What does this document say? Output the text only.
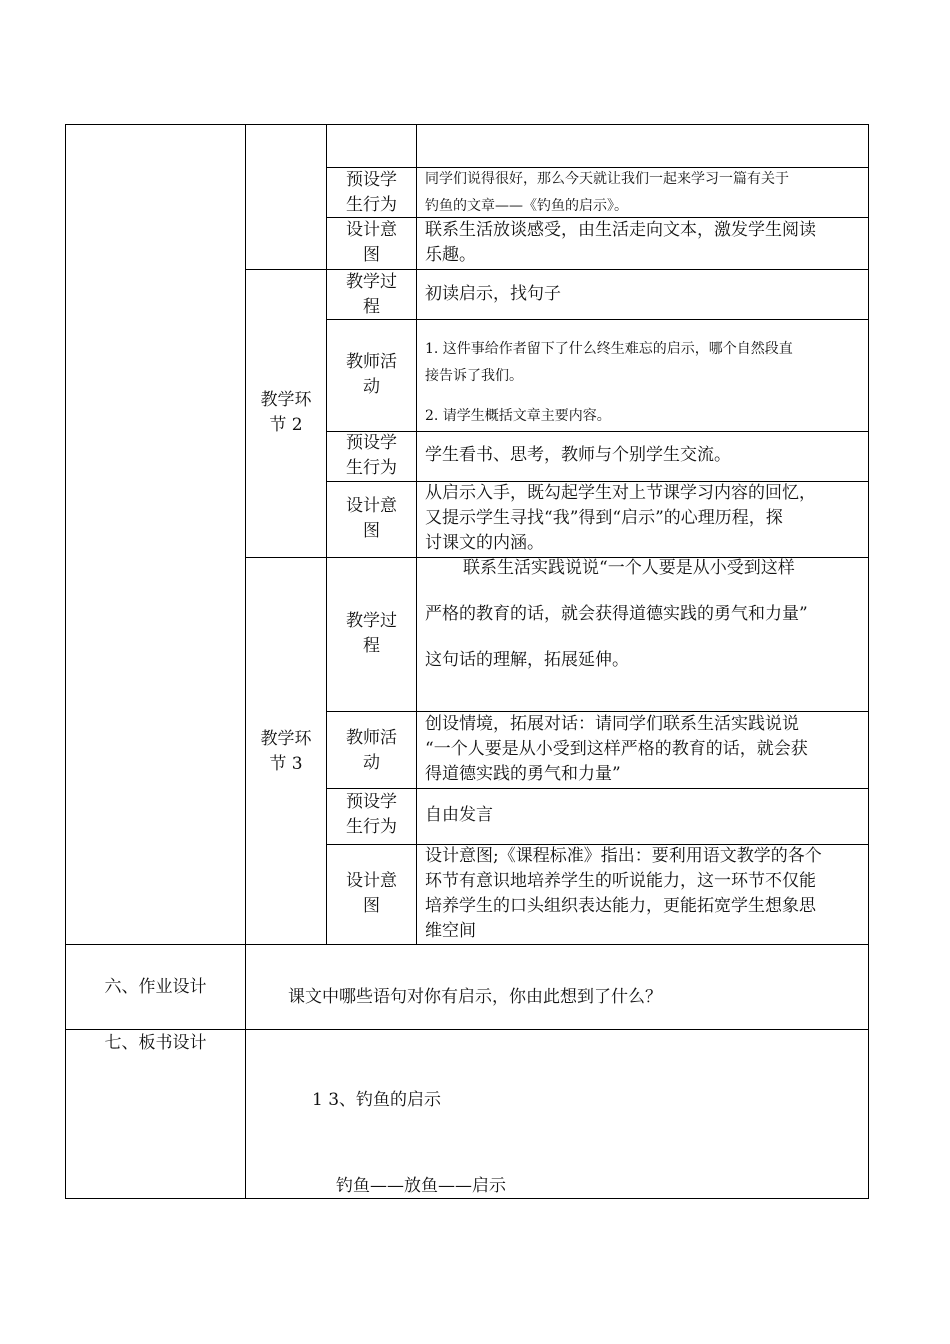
预设学
生行为
同学们说得很好，那么今天就让我们一起来学习一篇有关于
钓鱼的文章——《钓鱼的启示》。
设计意
图
联系生活放谈感受，由生活走向文本，激发学生阅读
乐趣。
教学环
节 2
教学过
程
初读启示，找句子
教师活
动
1. 这件事给作者留下了什么终生难忘的启示，哪个自然段直
接告诉了我们。
2. 请学生概括文章主要内容。
预设学
生行为
学生看书、思考，教师与个别学生交流。
设计意
图
从启示入手，既勾起学生对上节课学习内容的回忆，
又提示学生寻找“我”得到“启示”的心理历程，探
讨课文的内涵。
教学环
节 3
教学过
程
联系生活实践说说“一个人要是从小受到这样

严格的教育的话，就会获得道德实践的勇气和力量”

这句话的理解，拓展延伸。
教师活
动
创设情境，拓展对话：请同学们联系生活实践说说
“一个人要是从小受到这样严格的教育的话，就会获
得道德实践的勇气和力量”
预设学
生行为
自由发言
设计意
图
设计意图;《课程标准》指出：要利用语文教学的各个
环节有意识地培养学生的听说能力，这一环节不仅能
培养学生的口头组织表达能力，更能拓宽学生想象思
维空间
六、作业设计	课文中哪些语句对你有启示，你由此想到了什么？
七、板书设计
1 3、钓鱼的启示
钓鱼——放鱼——启示
